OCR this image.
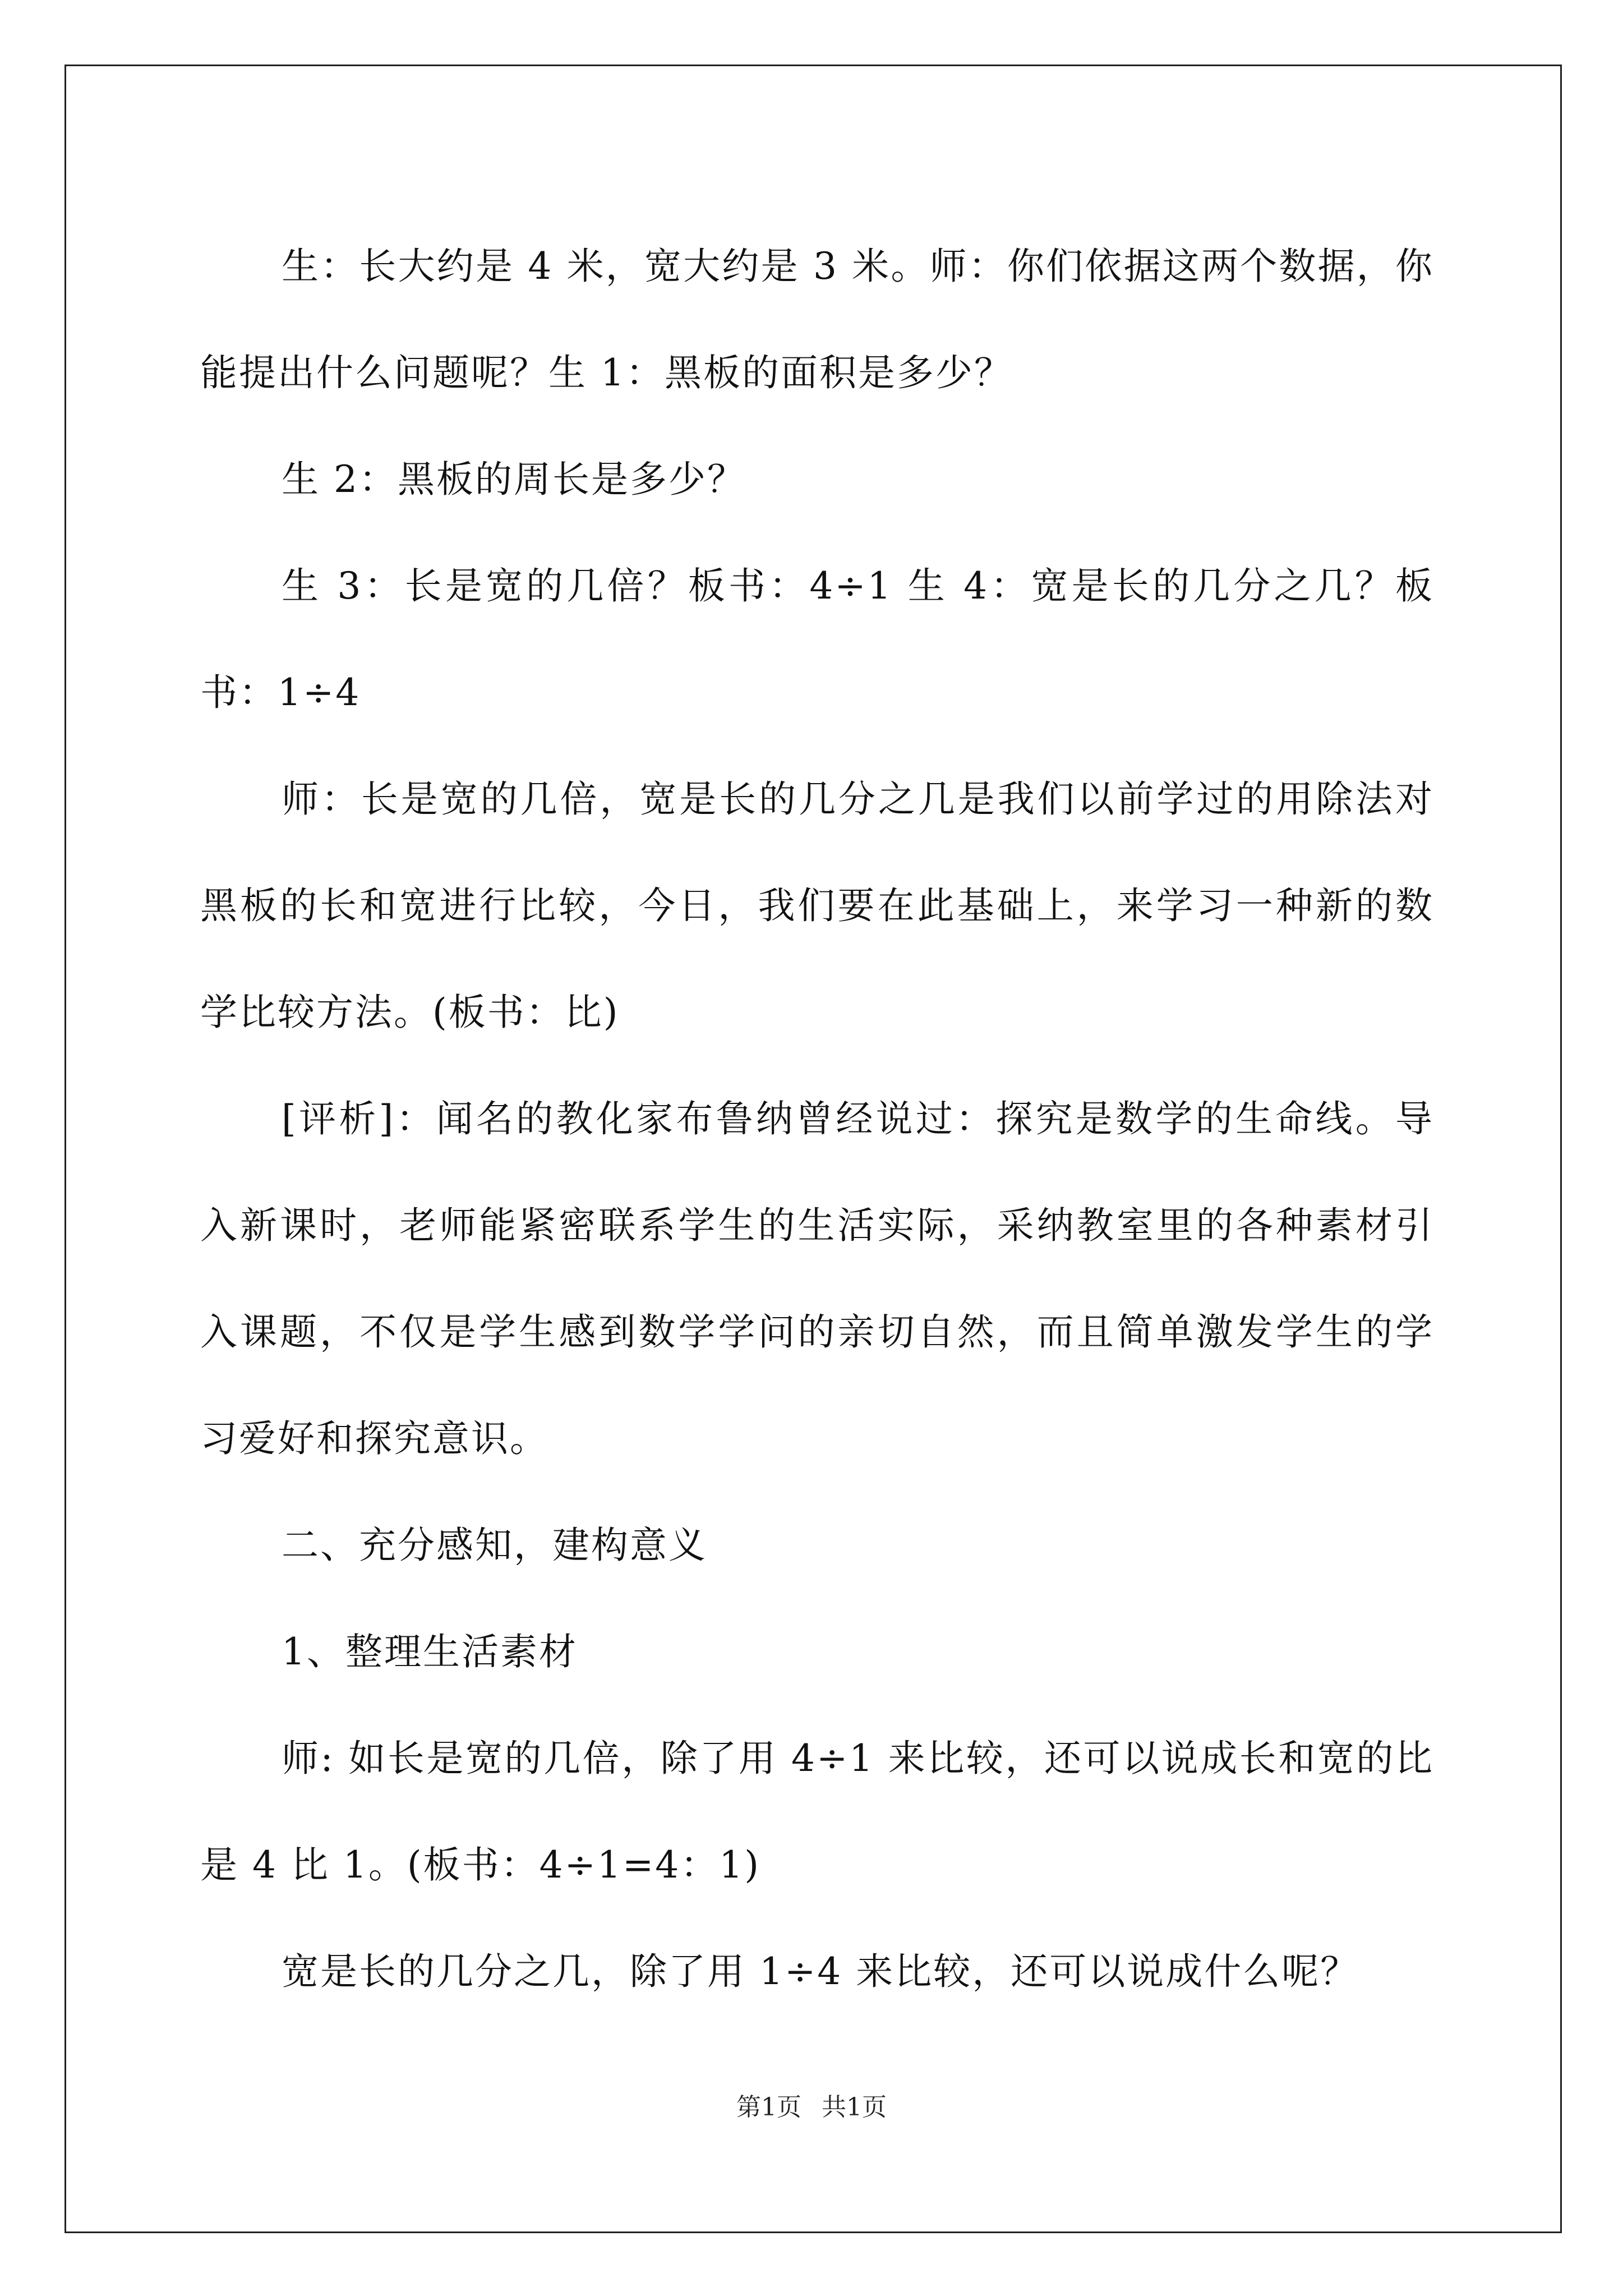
生：长大约是 4 米，宽大约是 3 米。师：你们依据这两个数据，你能提出什么问题呢？生 1：黑板的面积是多少？

生 2：黑板的周长是多少？

生 3：长是宽的几倍？板书：4÷1 生 4：宽是长的几分之几？板书：1÷4

师：长是宽的几倍，宽是长的几分之几是我们以前学过的用除法对黑板的长和宽进行比较，今日，我们要在此基础上，来学习一种新的数学比较方法。(板书：比)

[评析]：闻名的教化家布鲁纳曾经说过：探究是数学的生命线。导入新课时，老师能紧密联系学生的生活实际，采纳教室里的各种素材引入课题，不仅是学生感到数学学问的亲切自然，而且简单激发学生的学习爱好和探究意识。

二、充分感知，建构意义

1、整理生活素材

师: 如长是宽的几倍，除了用 4÷1 来比较，还可以说成长和宽的比是 4 比 1。(板书：4÷1=4：1)

宽是长的几分之几，除了用 1÷4 来比较，还可以说成什么呢？

第1页 共1页
